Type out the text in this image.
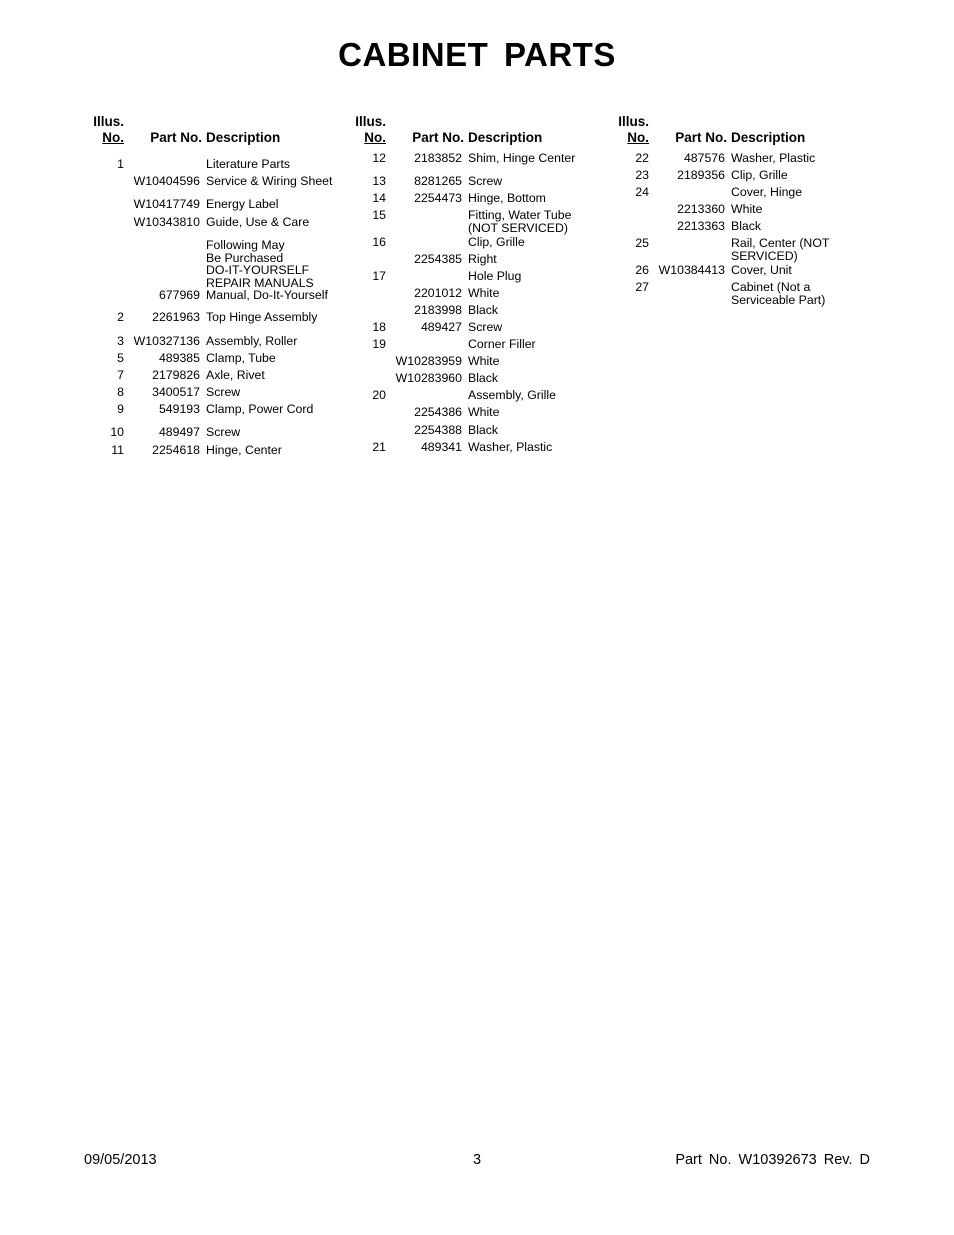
CABINET PARTS
Illus.
No.	Part No. Description
1	Literature Parts
W10404596 Service & Wiring Sheet
W10417749 Energy Label
W10343810 Guide, Use & Care
Following May
Be Purchased
DO-IT-YOURSELF
REPAIR MANUALS
677969 Manual, Do-It-Yourself
2	2261963 Top Hinge Assembly
3 W10327136 Assembly, Roller
5	489385 Clamp, Tube
7	2179826 Axle, Rivet
8	3400517 Screw
9	549193 Clamp, Power Cord
10	489497 Screw
11	2254618 Hinge, Center
Illus.
No.	Part No. Description
12	2183852 Shim, Hinge Center
13	8281265 Screw
14	2254473 Hinge, Bottom
15	Fitting, Water Tube
(NOT SERVICED)
16	Clip, Grille
2254385 Right
17	Hole Plug
2201012 White
2183998 Black
18	489427 Screw
19	Corner Filler
W10283959 White
W10283960 Black
20	Assembly, Grille
2254386 White
2254388 Black
21	489341 Washer, Plastic
Illus.
No.	Part No. Description
22	487576 Washer, Plastic
23	2189356 Clip, Grille
24	Cover, Hinge
2213360 White
2213363 Black
25	Rail, Center (NOT
SERVICED)
26 W10384413 Cover, Unit
27	Cabinet (Not a
Serviceable Part)
09/05/2013	3	Part No. W10392673 Rev. D
